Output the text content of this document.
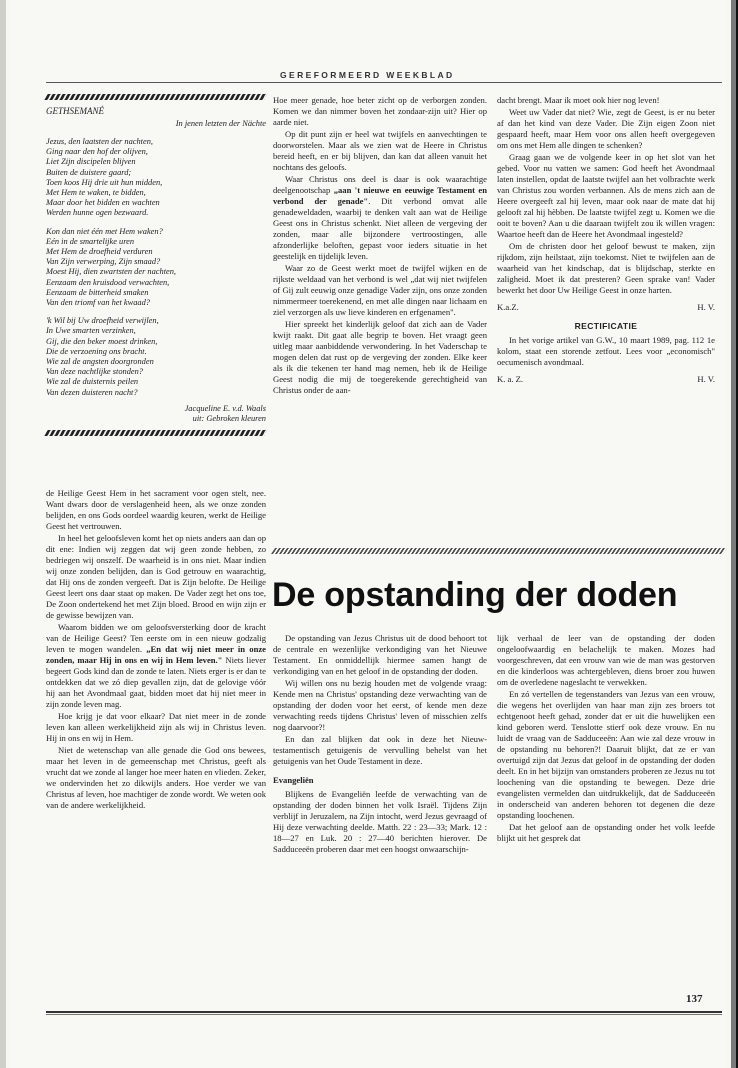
GEREFORMEERD WEEKBLAD
GETHSEMANÉ
In jenen letzten der Nächte
Jezus, den laatsten der nachten,
Ging naar den hof der olijven,
Liet Zijn discipelen blijven
Buiten de duistere gaard;
Toen koos Hij drie uit hun midden,
Met Hem te waken, te bidden,
Maar door het bidden en wachten
Werden hunne ogen bezwaard.
Kon dan niet één met Hem waken?
Eén in de smartelijke uren
Met Hem de droefheid verduren
Van Zijn verwerping, Zijn smaad?
Moest Hij, dien zwartsten der nachten,
Eenzaam den kruisdood verwachten,
Eenzaam de bitterheid smaken
Van den triomf van het kwaad?
'k Wil bij Uw droefheid verwijlen,
In Uwe smarten verzinken,
Gij, die den beker moest drinken,
Die de verzoening ons bracht.
Wie zal de angsten doorgronden
Van deze nachtlijke stonden?
Wie zal de duisternis peilen
Van dezen duisteren nacht?
Jacqueline E. v.d. Waals
uit: Gebroken kleuren

de Heilige Geest Hem in het sacrament voor ogen stelt, nee. Want dwars door de verslagenheid heen, als we onze zonden belijden, en ons Gods oordeel waardig keuren, werkt de Heilige Geest het vertrouwen.

In heel het geloofsleven komt het op niets anders aan dan op dit ene: Indien wij zeggen dat wij geen zonde hebben, zo bedriegen wij onszelf. De waarheid is in ons niet. Maar indien wij onze zonden belijden, dan is God getrouw en waarachtig, dat Hij ons de zonden vergeeft. Dat is Zijn belofte. De Heilige Geest leert ons daar staat op maken. De Vader zegt het ons toe, De Zoon ondertekend het met Zijn bloed. Brood en wijn zijn er de gewisse bewijzen van.

Waarom bidden we om geloofsversterking door de kracht van de Heilige Geest? Ten eerste om in een nieuw godzalig leven te mogen wandelen. „En dat wij niet meer in onze zonden, maar Hij in ons en wij in Hem leven." Niets liever begeert Gods kind dan de zonde te laten. Niets erger is er dan te ontdekken dat we zó diep gevallen zijn, dat de gelovige vóór hij aan het Avondmaal gaat, bidden moet dat hij niet meer in zijn zonde leven mag.

Hoe krijg je dat voor elkaar? Dat niet meer in de zonde leven kan alleen werkelijkheid zijn als wij in Christus leven. Hij in ons en wij in Hem.

Niet de wetenschap van alle genade die God ons bewees, maar het leven in de gemeenschap met Christus, geeft als vrucht dat we zonde al langer hoe meer haten en vlieden. Zeker, we ondervinden het zo dikwijls anders. Hoe verder we van Christus af leven, hoe machtiger de zonde wordt. We weten ook van de andere werkelijkheid.

Hoe meer genade, hoe beter zicht op de verborgen zonden. Komen we dan nimmer boven het zondaar-zijn uit? Hier op aarde niet.

Op dit punt zijn er heel wat twijfels en aanvechtingen te doorworstelen. Maar als we zien wat de Heere in Christus bereid heeft, en er bij blijven, dan kan dat alleen vanuit het nochtans des geloofs.

Waar Christus ons deel is daar is ook waarachtige deelgenootschap „aan 't nieuwe en eeuwige Testament en verbond der genade". Dit verbond omvat alle genadeweldaden, waarbij te denken valt aan wat de Heilige Geest ons in Christus schenkt. Niet alleen de vergeving der zonden, maar alle bijzondere vertroostingen, alle afzonderlijke beloften, gepast voor ieders situatie in het geestelijk en tijdelijk leven.

Waar zo de Geest werkt moet de twijfel wijken en de rijkste weldaad van het verbond is wel „dat wij niet twijfelen of Gij zult eeuwig onze genadige Vader zijn, ons onze zonden nimmermeer toerekenend, en met alle dingen naar lichaam en ziel verzorgen als uw lieve kinderen en erfgenamen".

Hier spreekt het kinderlijk geloof dat zich aan de Vader kwijt raakt. Dit gaat alle begrip te boven. Het vraagt geen uitleg maar aanbiddende verwondering. In het Vaderschap te mogen delen dat rust op de vergeving der zonden. Elke keer als ik die tekenen ter hand mag nemen, heb ik de Heilige Geest nodig die mij de toegerekende gerechtigheid van Christus onder de aan-

dacht brengt. Maar ik moet ook hier nog leven!

Weet uw Vader dat niet? Wie, zegt de Geest, is er nu beter af dan het kind van deze Vader. Die Zijn eigen Zoon niet gespaard heeft, maar Hem voor ons allen heeft overgegeven om ons met Hem alle dingen te schenken?

Graag gaan we de volgende keer in op het slot van het gebed. Voor nu vatten we samen: God heeft het Avondmaal laten instellen, opdat de laatste twijfel aan het volbrachte werk van Christus zou worden verbannen. Als de mens zich aan de Heere overgeeft zal hij leven, maar ook naar de mate dat hij gelooft zal hij hèbben. De laatste twijfel zegt u. Komen we die ooit te boven? Aan u die daaraan twijfelt zou ik willen vragen: Waartoe heeft dan de Heere het Avondmaal ingesteld?

Om de christen door het geloof bewust te maken, zijn rijkdom, zijn heilstaat, zijn toekomst. Niet te twijfelen aan de waarheid van het kindschap, dat is blijdschap, sterkte en zaligheid. Moet ik dat presteren? Geen sprake van! Vader bewerkt het door Uw Heilige Geest in onze harten.

K.a.Z.	H. V.
RECTIFICATIE

In het vorige artikel van G.W., 10 maart 1989, pag. 112 1e kolom, staat een storende zetfout. Lees voor „economisch" oecumenisch avondmaal.

K. a. Z.	H. V.
De opstanding der doden

De opstanding van Jezus Christus uit de dood behoort tot de centrale en wezenlijke verkondiging van het Nieuwe Testament. En onmiddellijk hiermee samen hangt de verkondiging van en het geloof in de opstanding der doden.

Wij willen ons nu bezig houden met de volgende vraag: Kende men na Christus' opstanding deze verwachting van de opstanding der doden voor het eerst, of kende men deze verwachting reeds tijdens Christus' leven of misschien zelfs nog daarvoor?!

En dan zal blijken dat ook in deze het Nieuw-testamentisch getuigenis de vervulling behelst van het getuigenis van het Oude Testament in deze.

Evangeliën

Blijkens de Evangeliën leefde de verwachting van de opstanding der doden binnen het volk Israël. Tijdens Zijn verblijf in Jeruzalem, na Zijn intocht, werd Jezus gevraagd of Hij deze verwachting deelde. Matth. 22 : 23—33; Mark. 12 : 18—27 en Luk. 20 : 27—40 berichten hierover. De Sadduceeën proberen daar met een hoogst onwaarschijn-

lijk verhaal de leer van de opstanding der doden ongeloofwaardig en belachelijk te maken. Mozes had voorgeschreven, dat een vrouw van wie de man was gestorven en die kinderloos was achtergebleven, diens broer zou huwen om de overledene nageslacht te verwekken.

En zó vertellen de tegenstanders van Jezus van een vrouw, die wegens het overlijden van haar man zijn zes broers tot echtgenoot heeft gehad, zonder dat er uit die huwelijken een kind geboren werd. Tenslotte stierf ook deze vrouw. En nu luidt de vraag van de Sadduceeën: Aan wie zal deze vrouw in de opstanding nu behoren?! Daaruit blijkt, dat ze er van overtuigd zijn dat Jezus dat geloof in de opstanding der doden deelt. En in het bijzijn van omstanders proberen ze Jezus nu tot loochening van die opstanding te bewegen. Deze drie evangelisten vermelden dan uitdrukkelijk, dat de Sadduceeën in onderscheid van anderen behoren tot degenen die deze opstanding loochenen.

Dat het geloof aan de opstanding onder het volk leefde blijkt uit het gesprek dat

137
